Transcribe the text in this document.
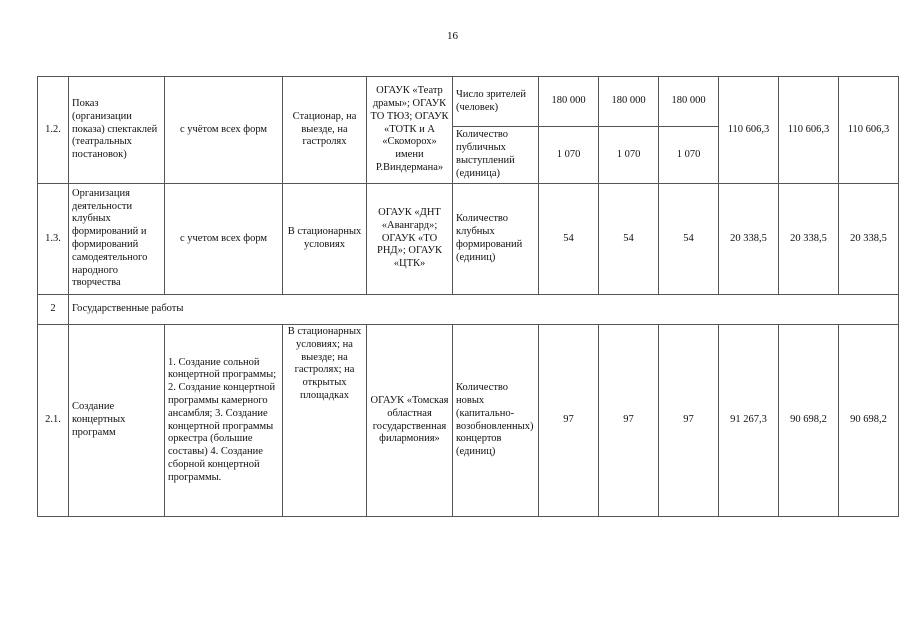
16
1.2.	Показ (организации показа) спектаклей (театральных постановок)	с учётом всех форм	Стационар, на выезде, на гастролях	ОГАУК «Театр драмы»; ОГАУК ТО ТЮЗ; ОГАУК «ТОТК и А «Скоморох» имени Р.Виндермана»	Число зрителей (человек)	180 000	180 000	180 000	110 606,3	110 606,3	110 606,3
					Количество публичных выступлений (единица)	1 070	1 070	1 070			
1.3.	Организация деятельности клубных формирований и формирований самодеятельного народного творчества	с учетом всех форм	В стационарных условиях	ОГАУК «ДНТ «Авангард»; ОГАУК «ТО РНД»; ОГАУК «ЦТК»	Количество клубных формирований (единиц)	54	54	54	20 338,5	20 338,5	20 338,5
2	Государственные работы										
2.1.	Создание концертных программ	1. Создание сольной концертной программы; 2. Создание концертной программы камерного ансамбля; 3. Создание концертной программы оркестра (большие составы) 4. Создание сборной концертной программы.	В стационарных условиях; на выезде; на гастролях; на открытых площадках	ОГАУК «Томская областная государственная филармония»	Количество новых (капитально-возобновленных) концертов (единиц)	97	97	97	91 267,3	90 698,2	90 698,2
